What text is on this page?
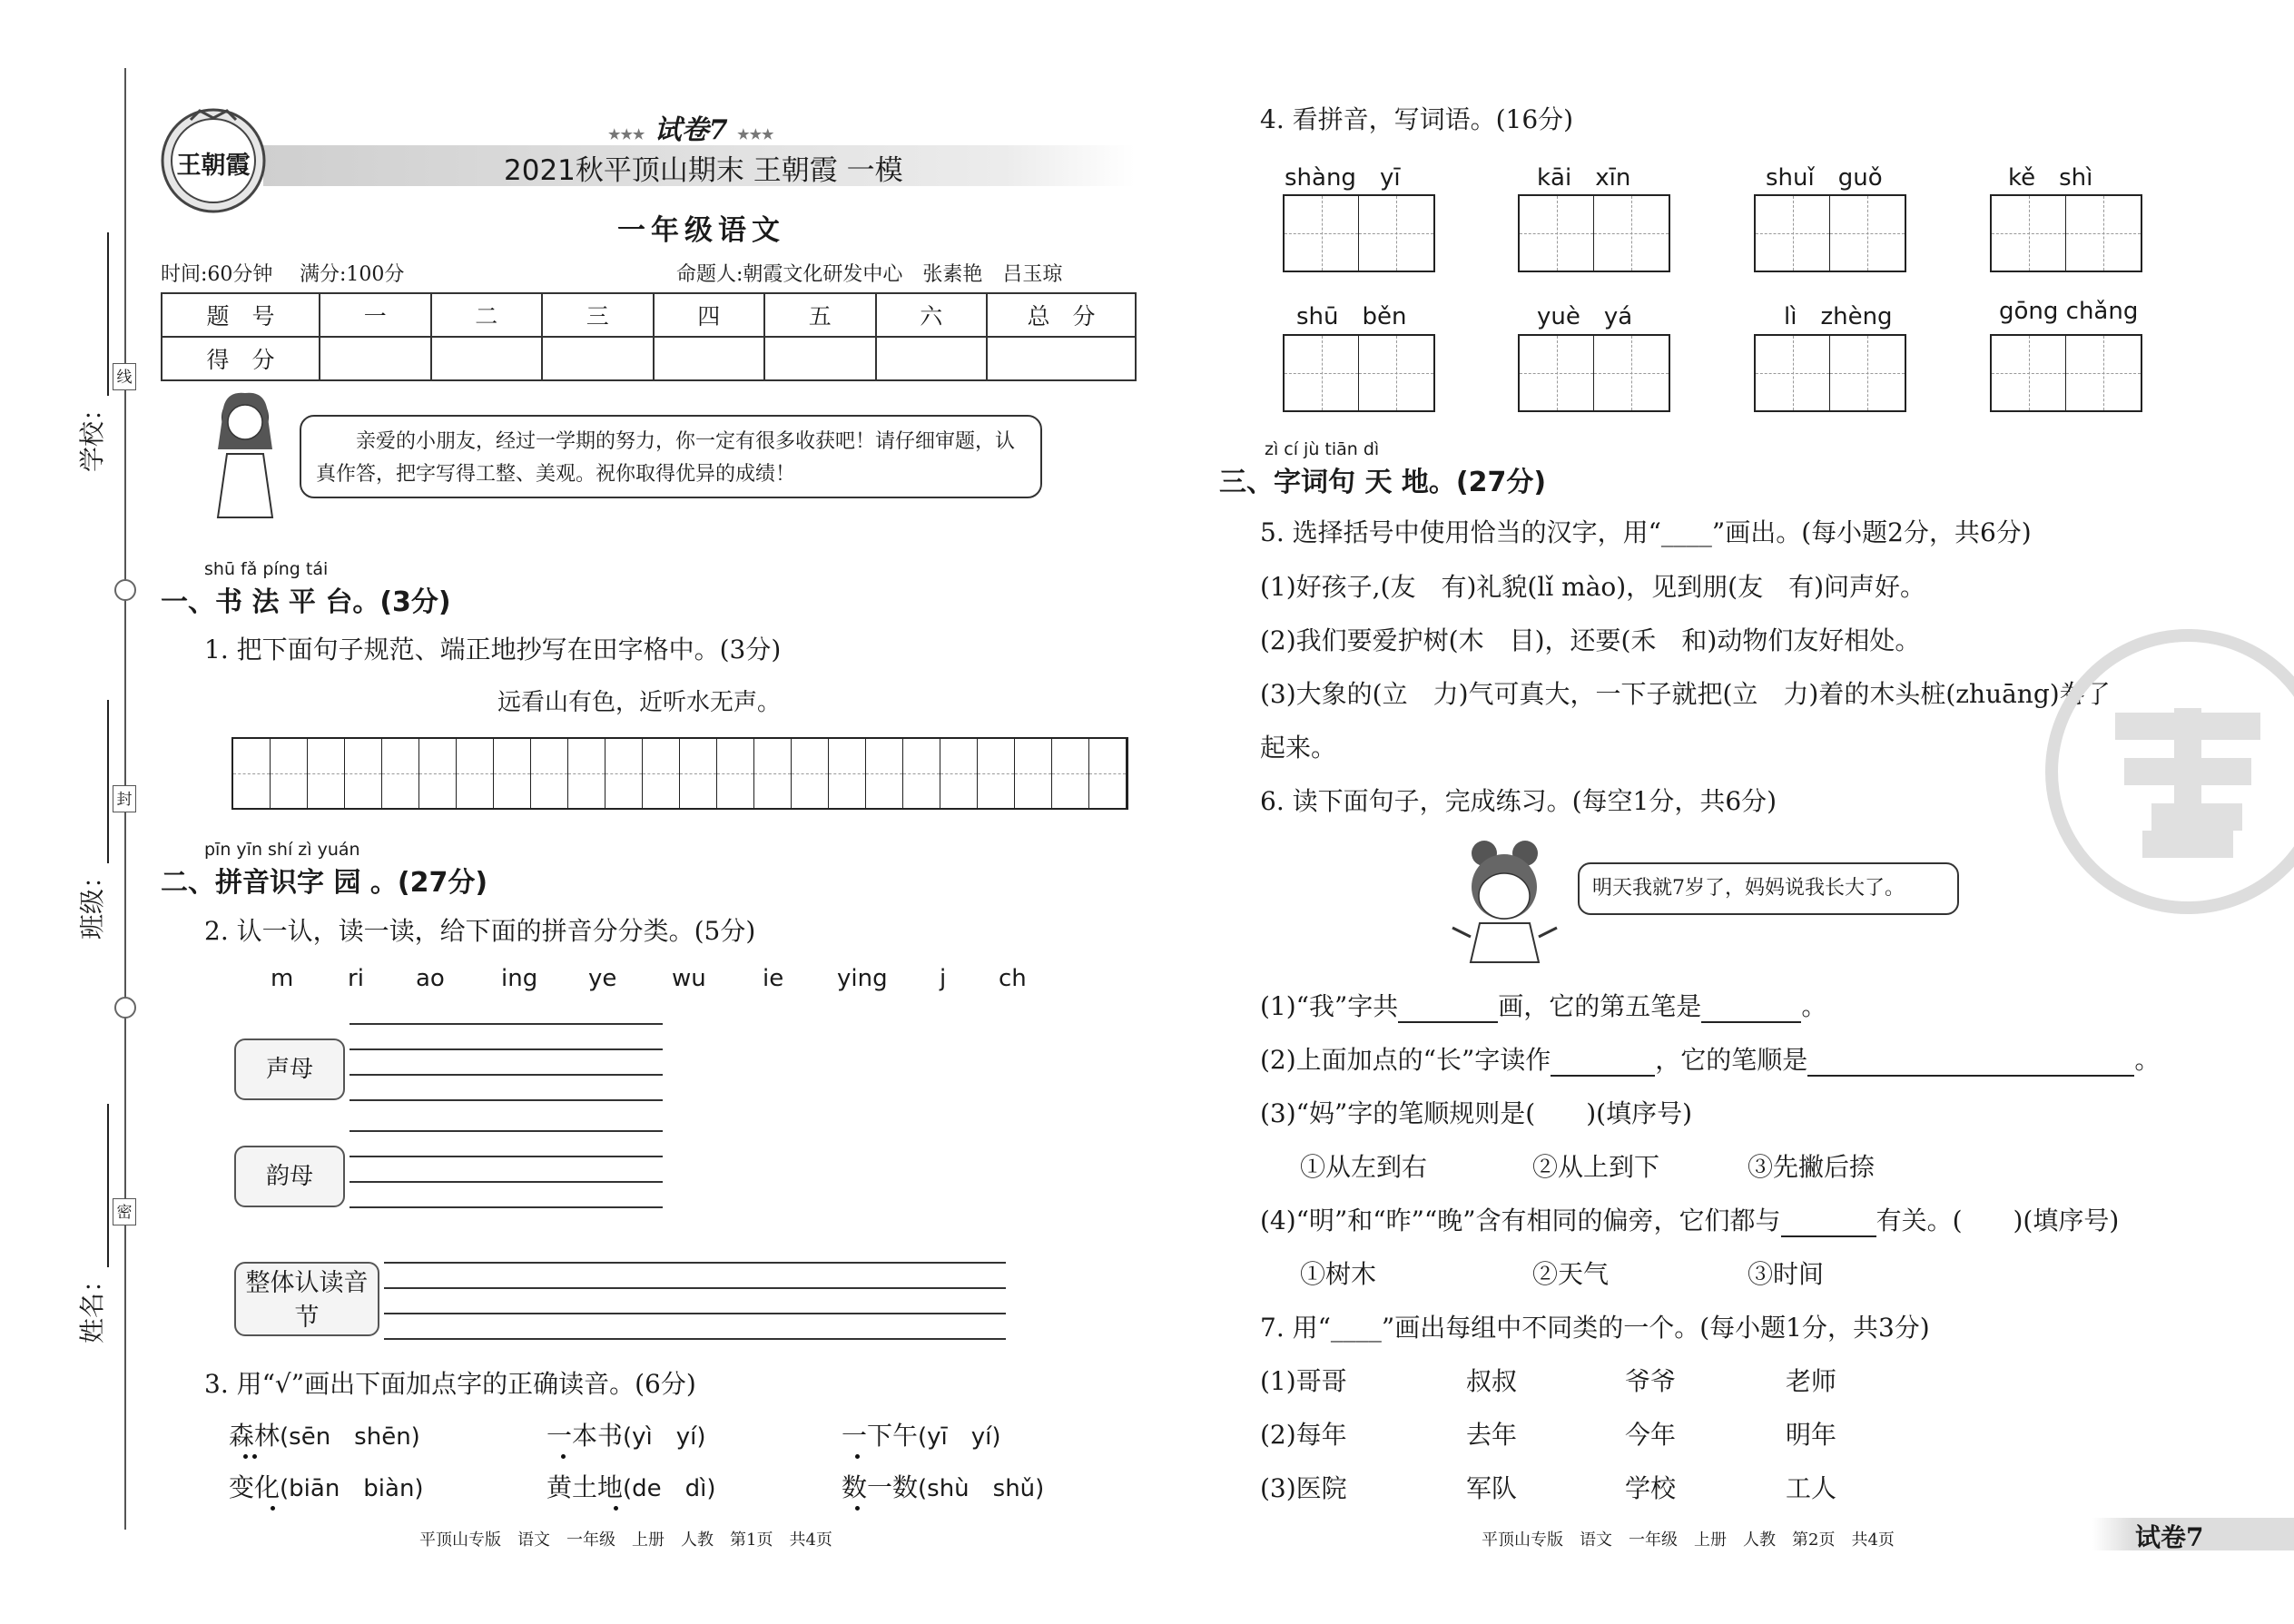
学校：
班级：
姓名：
线
封
密
王朝霞
★★★ 试卷7 ★★★
2021秋平顶山期末 王朝霞 一模
一年级语文
时间:60分钟 满分:100分	命题人:朝霞文化研发中心　张素艳　吕玉琼
题　号	一	二	三	四	五	六	总　分
得　分							
　　亲爱的小朋友，经过一学期的努力，你一定有很多收获吧！请仔细审题，认真作答，把字写得工整、美观。祝你取得优异的成绩！
shū fǎ píng tái
一、书 法 平 台。(3分)
1. 把下面句子规范、端正地抄写在田字格中。(3分)
远看山有色，近听水无声。
pīn yīn shí zì yuán
二、拼音识字 园 。(27分)
2. 认一认，读一读，给下面的拼音分分类。(5分)
m ri ao ing ye wu ie ying j ch
声母
韵母
整体认读音节
3. 用“√”画出下面加点字的正确读音。(6分)
森林(sēn　shēn)	一本书(yì　yí)	一下午(yī　yí)
变化(biān　biàn)	黄土地(de　dì)	数一数(shù　shǔ)
平顶山专版　语文　一年级　上册　人教　第1页　共4页
4. 看拼音，写词语。(16分)
shàng　yī	kāi　xīn	shuǐ　guǒ	kě　shì
shū　běn	yuè　yá	lì　zhèng	gōng chǎng
zì cí jù tiān dì
三、字词句 天 地。(27分)
5. 选择括号中使用恰当的汉字，用“____”画出。(每小题2分，共6分)
(1)好孩子,(友　有)礼貌(lǐ mào)，见到朋(友　有)问声好。
(2)我们要爱护树(木　目)，还要(禾　和)动物们友好相处。
(3)大象的(立　力)气可真大，一下子就把(立　力)着的木头桩(zhuāng)卷了
起来。
6. 读下面句子，完成练习。(每空1分，共6分)
明天我就7岁了，妈妈说我长大了。
(1)“我”字共	画，它的第五笔是	。
(2)上面加点的“长”字读作	，它的笔顺是	。
(3)“妈”字的笔顺规则是(　　)(填序号)
①从左到右	②从上到下	③先撇后捺
(4)“明”和“昨”“晚”含有相同的偏旁，它们都与	有关。(　　)(填序号)
①树木	②天气	③时间
7. 用“____”画出每组中不同类的一个。(每小题1分，共3分)
(1)哥哥	叔叔	爷爷	老师
(2)每年	去年	今年	明年
(3)医院	军队	学校	工人
平顶山专版　语文　一年级　上册　人教　第2页　共4页	试卷7
